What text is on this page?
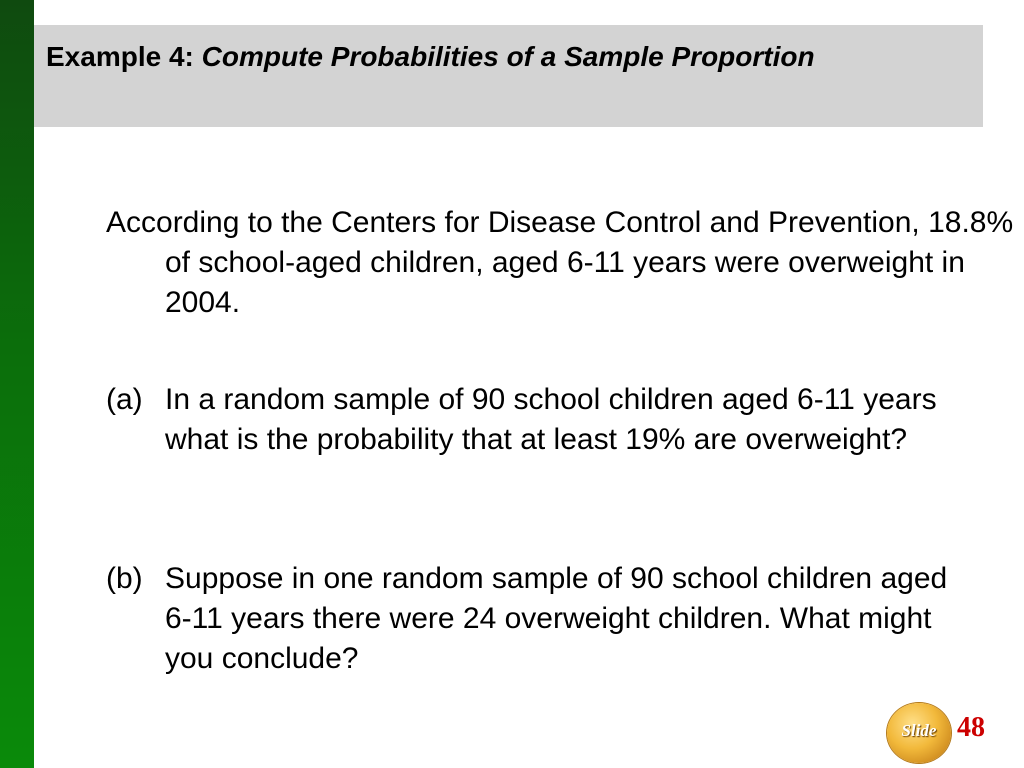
Example 4: Compute Probabilities of a Sample Proportion

According to the Centers for Disease Control and Prevention, 18.8% of school-aged children, aged 6-11 years were overweight in 2004.

(a) In a random sample of 90 school children aged 6-11 years what is the probability that at least 19% are overweight?
(b) Suppose in one random sample of 90 school children aged 6-11 years there were 24 overweight children. What might you conclude?
Slide 48
